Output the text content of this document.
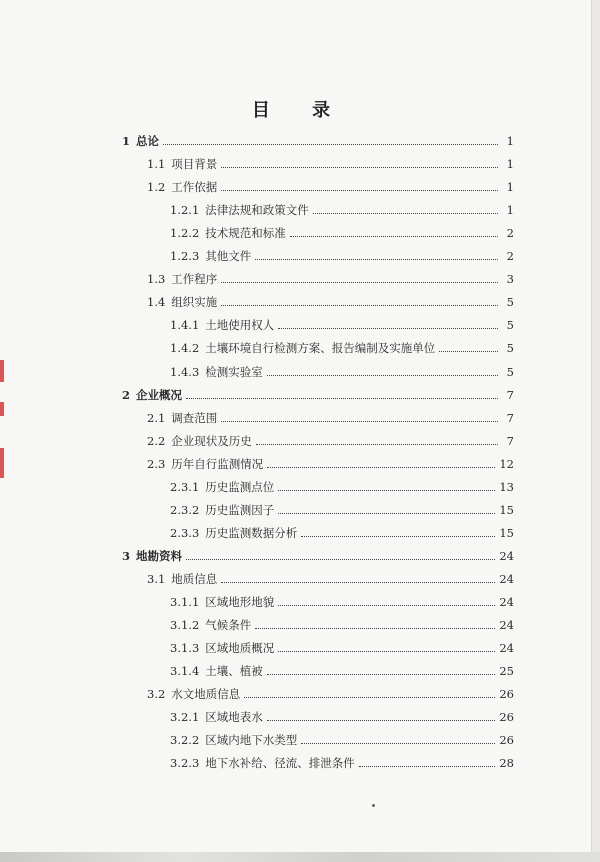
目 录
1 总论	1
1.1 项目背景	1
1.2 工作依据	1
1.2.1 法律法规和政策文件	1
1.2.2 技术规范和标准	2
1.2.3 其他文件	2
1.3 工作程序	3
1.4 组织实施	5
1.4.1 土地使用权人	5
1.4.2 土壤环境自行检测方案、报告编制及实施单位	5
1.4.3 检测实验室	5
2 企业概况	7
2.1 调查范围	7
2.2 企业现状及历史	7
2.3 历年自行监测情况	12
2.3.1 历史监测点位	13
2.3.2 历史监测因子	15
2.3.3 历史监测数据分析	15
3 地勘资料	24
3.1 地质信息	24
3.1.1 区域地形地貌	24
3.1.2 气候条件	24
3.1.3 区域地质概况	24
3.1.4 土壤、植被	25
3.2 水文地质信息	26
3.2.1 区域地表水	26
3.2.2 区域内地下水类型	26
3.2.3 地下水补给、径流、排泄条件	28
